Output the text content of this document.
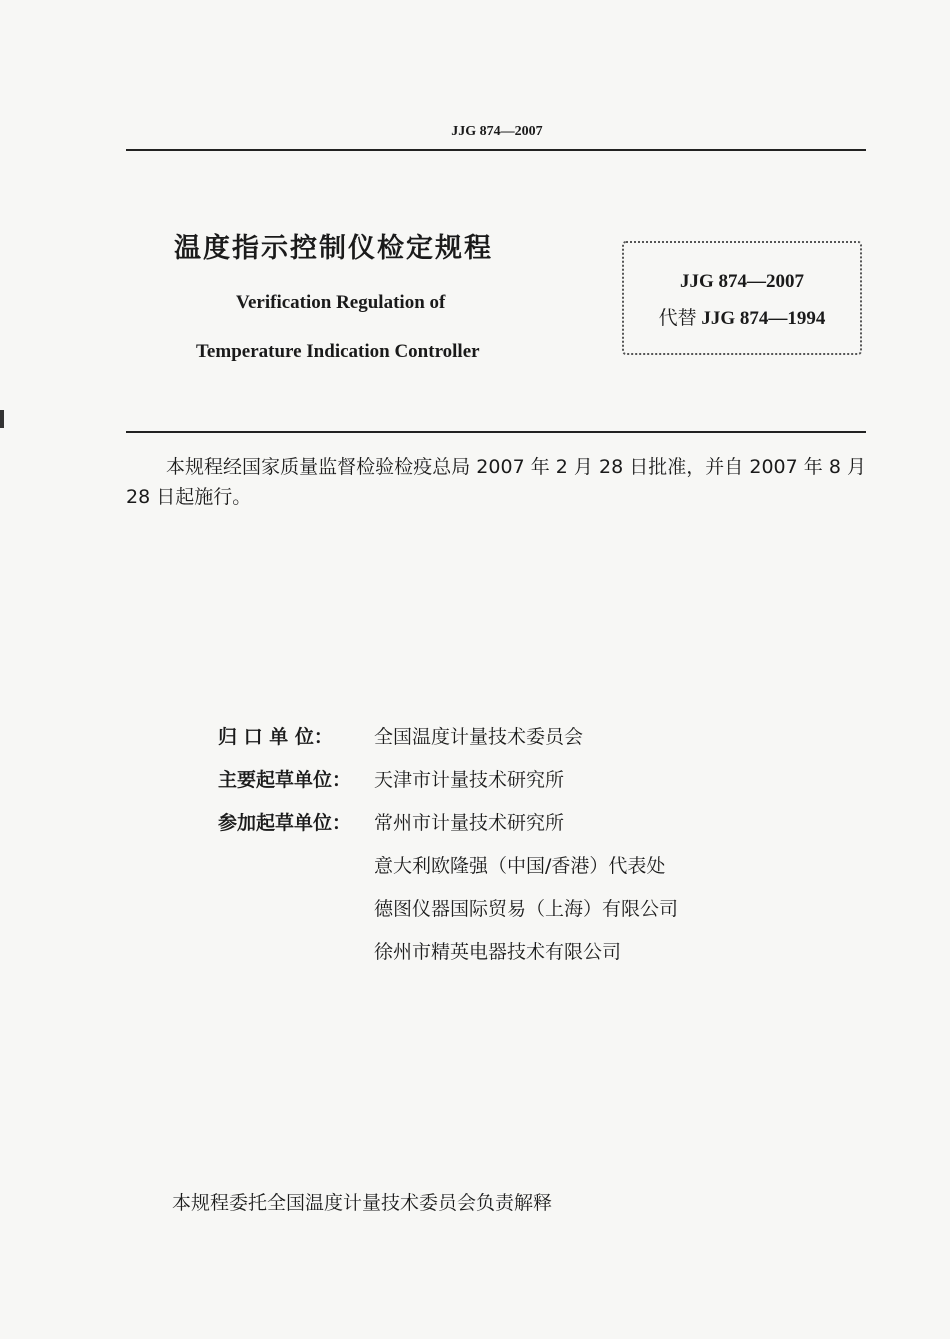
JJG 874—2007
温度指示控制仪检定规程
Verification Regulation of
Temperature Indication Controller
JJG 874—2007
代替 JJG 874—1994
本规程经国家质量监督检验检疫总局 2007 年 2 月 28 日批准，并自 2007 年 8 月 28 日起施行。
归 口 单 位： 全国温度计量技术委员会
主要起草单位： 天津市计量技术研究所
参加起草单位： 常州市计量技术研究所
意大利欧隆强（中国/香港）代表处
德图仪器国际贸易（上海）有限公司
徐州市精英电器技术有限公司
本规程委托全国温度计量技术委员会负责解释
